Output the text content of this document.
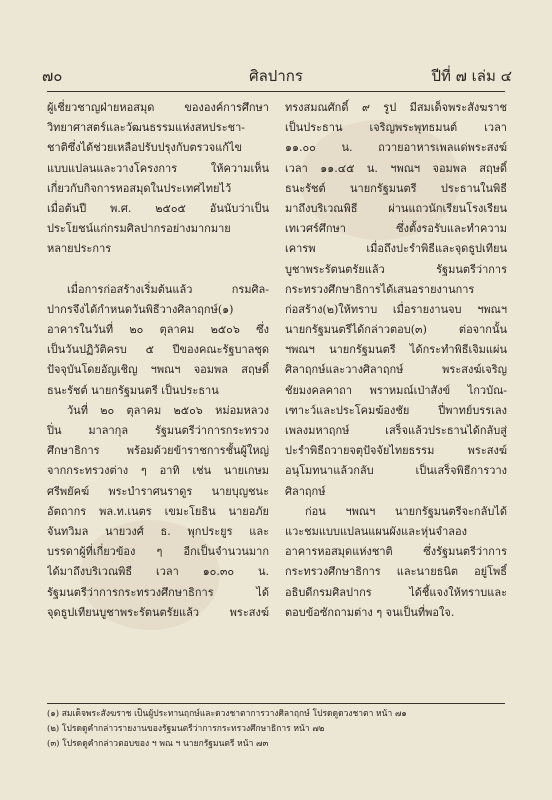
๗๐	ศิลปากร	ปีที่ ๗ เล่ม ๔

ผู้เชี่ยวชาญฝ่ายหอสมุด ขององค์การศึกษา

วิทยาศาสตร์และวัฒนธรรมแห่งสหประชา-

ชาติซึ่งได้ช่วยเหลือปรับปรุงกับตรวจแก้ไข

แบบแปลนและวางโครงการ ให้ความเห็น

เกี่ยวกับกิจการหอสมุดในประเทศไทยไว้

เมื่อต้นปี พ.ศ. ๒๕๐๕ อันนับว่าเป็น

ประโยชน์แก่กรมศิลปากรอย่างมากมาย

หลายประการ

เมื่อการก่อสร้างเริ่มต้นแล้ว กรมศิล-

ปากรจึงได้กำหนดวันพิธีวางศิลาฤกษ์(๑)

อาคารในวันที่ ๒๐ ตุลาคม ๒๕๐๖ ซึ่ง

เป็นวันปฏิวัติครบ ๕ ปีของคณะรัฐบาลชุด

ปัจจุบันโดยอัญเชิญ ฯพณฯ จอมพล สฤษดิ์

ธนะรัชต์ นายกรัฐมนตรี เป็นประธาน

วันที่ ๒๐ ตุลาคม ๒๕๐๖ หม่อมหลวง

ปิ่น มาลากุล รัฐมนตรีว่าการกระทรวง

ศึกษาธิการ พร้อมด้วยข้าราชการชั้นผู้ใหญ่

จากกระทรวงต่าง ๆ อาทิ เช่น นายเกษม

ศรีพยัคฆ์ พระบำราศนราดูร นายบุญชนะ

อัตถากร พล.ท.เนตร เขมะโยธิน นายอภัย

จันทวิมล นายวงศ์ ธ. พุกประยูร และ

บรรดาผู้ที่เกี่ยวข้อง ๆ อีกเป็นจำนวนมาก

ได้มาถึงบริเวณพิธี เวลา ๑๐.๓๐ น.

รัฐมนตรีว่าการกระทรวงศึกษาธิการ ได้

จุดธูปเทียนบูชาพระรัตนตรัยแล้ว พระสงฆ์

ทรงสมณศักดิ์ ๙ รูป มีสมเด็จพระสังฆราช

เป็นประธาน เจริญพระพุทธมนต์ เวลา

๑๑.๐๐ น. ถวายอาหารเพลแด่พระสงฆ์

เวลา ๑๑.๔๕ น. ฯพณฯ จอมพล สฤษดิ์

ธนะรัชต์ นายกรัฐมนตรี ประธานในพิธี

มาถึงบริเวณพิธี ผ่านแถวนักเรียนโรงเรียน

เทเวศร์ศึกษา ซึ่งตั้งรอรับและทำความ

เคารพ เมื่อถึงปะรำพิธีและจุดธูปเทียน

บูชาพระรัตนตรัยแล้ว รัฐมนตรีว่าการ

กระทรวงศึกษาธิการได้เสนอรายงานการ

ก่อสร้าง(๒)ให้ทราบ เมื่อรายงานจบ ฯพณฯ

นายกรัฐมนตรีได้กล่าวตอบ(๓) ต่อจากนั้น

ฯพณฯ นายกรัฐมนตรี ได้กระทำพิธีเจิมแผ่น

ศิลาฤกษ์และวางศิลาฤกษ์ พระสงฆ์เจริญ

ชัยมงคลคาถา พราหมณ์เป่าสังข์ ไกวบัณ-

เฑาะว์และประโคมฆ้องชัย ปี่พาทย์บรรเลง

เพลงมหาฤกษ์ เสร็จแล้วประธานได้กลับสู่

ปะรำพิธีถวายจตุปัจจัยไทยธรรม พระสงฆ์

อนุโมทนาแล้วกลับ เป็นเสร็จพิธีการวาง

ศิลาฤกษ์

ก่อน ฯพณฯ นายกรัฐมนตรีจะกลับได้

แวะชมแบบแปลนแผนผังและหุ่นจำลอง

อาคารหอสมุดแห่งชาติ ซึ่งรัฐมนตรีว่าการ

กระทรวงศึกษาธิการ และนายธนิต อยู่โพธิ์

อธิบดีกรมศิลปากร ได้ชี้แจงให้ทราบและ

ตอบข้อซักถามต่าง ๆ จนเป็นที่พอใจ.

(๑) สมเด็จพระสังฆราช เป็นผู้ประทานฤกษ์และดวงชาตาการวางศิลาฤกษ์ โปรดดูดวงชาตา หน้า ๗๑
(๒) โปรดดูคำกล่าวรายงานของรัฐมนตรีว่าการกระทรวงศึกษาธิการ หน้า ๗๒
(๓) โปรดดูคำกล่าวตอบของ ฯ พณ ฯ นายกรัฐมนตรี หน้า ๗๓
